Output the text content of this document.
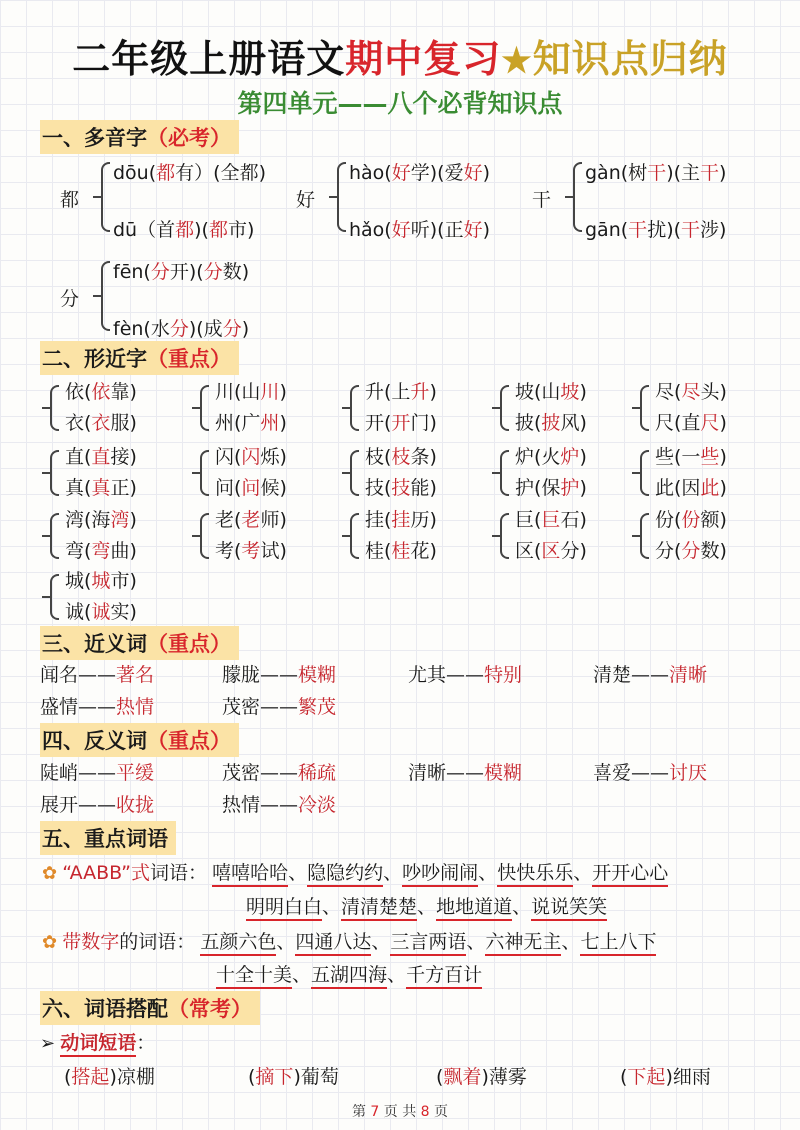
二年级上册语文期中复习★知识点归纳
第四单元——八个必背知识点
一、多音字（必考）
二、形近字（重点）
三、近义词（重点）
四、反义词（重点）
五、重点词语
✿ “AABB”式词语： 嘻嘻哈哈、隐隐约约、吵吵闹闹、快快乐乐、开开心心
明明白白、清清楚楚、地地道道、说说笑笑
✿ 带数字的词语： 五颜六色、四通八达、三言两语、六神无主、七上八下
十全十美、五湖四海、千方百计
六、词语搭配（常考）
➢ 动词短语：
第 7 页 共 8 页
都
dōu(都有）(全都)
dū（首都)(都市)
好
hào(好学)(爱好)
hǎo(好听)(正好)
干
gàn(树干)(主干)
gān(干扰)(干涉)
分
fēn(分开)(分数)
fèn(水分)(成分)
依(依靠)
衣(衣服)
川(山川)
州(广州)
升(上升)
开(开门)
坡(山坡)
披(披风)
尽(尽头)
尺(直尺)
直(直接)
真(真正)
闪(闪烁)
问(问候)
枝(枝条)
技(技能)
炉(火炉)
护(保护)
些(一些)
此(因此)
湾(海湾)
弯(弯曲)
老(老师)
考(考试)
挂(挂历)
桂(桂花)
巨(巨石)
区(区分)
份(份额)
分(分数)
城(城市)
诚(诚实)
闻名——著名	朦胧——模糊	尤其——特别	清楚——清晰
盛情——热情	茂密——繁茂
陡峭——平缓	茂密——稀疏	清晰——模糊	喜爱——讨厌
展开——收拢	热情——冷淡
(搭起)凉棚	(摘下)葡萄	(飘着)薄雾	(下起)细雨
